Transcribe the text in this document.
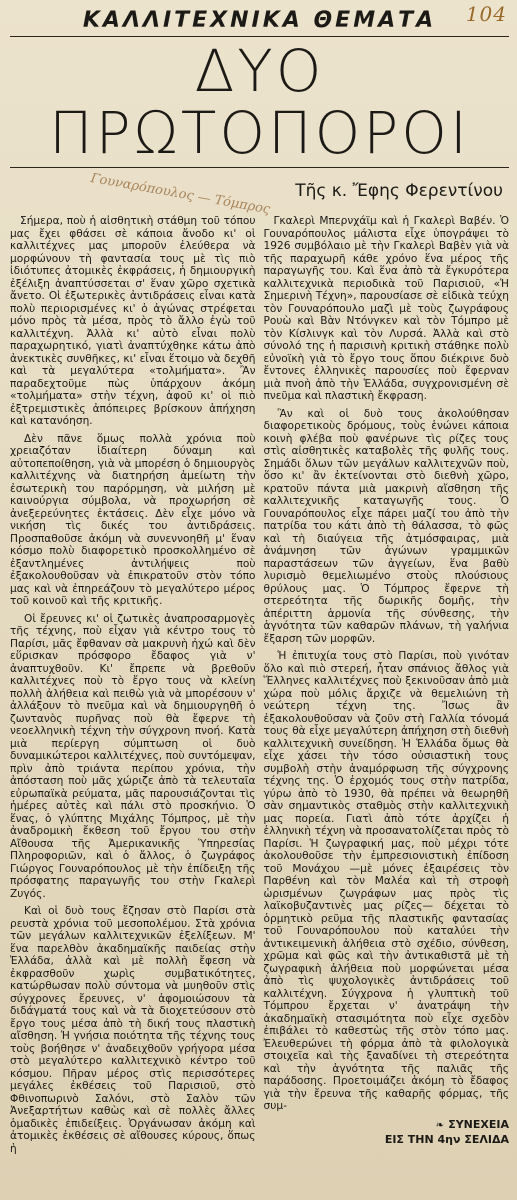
104
ΚΑΛΛΙΤΕΧΝΙΚΑ ΘΕΜΑΤΑ
ΔΥΟ ΠΡΩΤΟΠΟΡΟΙ
Γουναρόπουλος — Τόμπρος Τῆς κ. Ἔφης Φερεντίνου

Σήμερα, ποὺ ἡ αἰσθητικὴ στάθμη τοῦ τόπου μας ἔχει φθάσει σὲ κάποια ἄνοδο κι' οἱ καλλιτέχνες μας μποροῦν ἐλεύθερα νὰ μορφώνουν τὴ φαντασία τους μὲ τὶς πιὸ ἰδιότυπες ἀτομικὲς ἐκφράσεις, ἡ δημιουργικὴ ἐξέλιξη ἀναπτύσσεται σ' ἕναν χῶρο σχετικὰ ἄνετο. Οἱ ἐξωτερικὲς ἀντιδράσεις εἶναι κατὰ πολὺ περιορισμένες κι' ὁ ἀγώνας στρέφεται μόνο πρὸς τὰ μέσα, πρὸς τὸ ἄλλο ἐγὼ τοῦ καλλιτέχνη. Ἀλλὰ κι' αὐτὸ εἶναι πολὺ παραχωρητικό, γιατὶ ἀναπτύχθηκε κάτω ἀπὸ ἀνεκτικὲς συνθῆκες, κι' εἶναι ἕτοιμο νὰ δεχθῆ καὶ τὰ μεγαλύτερα «τολμήματα». Ἂν παραδεχτοῦμε πὼς ὑπάρχουν ἀκόμη «τολμήματα» στὴν τέχνη, ἀφοῦ κι' οἱ πιὸ ἐξτρεμιστικὲς ἀπόπειρες βρίσκουν ἀπήχηση καὶ κατανόηση.

Δὲν πᾶνε ὅμως πολλὰ χρόνια ποὺ χρειαζόταν ἰδιαίτερη δύναμη καὶ αὐτοπεποίθηση, γιὰ νὰ μπορέση ὁ δημιουργὸς καλλιτέχνης νὰ διατηρήση ἀμείωτη τὴν ἐσωτερικὴ του παρόρμηση, νὰ μιλήση μὲ καινούργια σύμβολα, νὰ προχωρήση σὲ ἀνεξερεύνητες ἐκτάσεις. Δὲν εἶχε μόνο νὰ νικήση τὶς δικές του ἀντιδράσεις. Προσπαθοῦσε ἀκόμη νὰ συνεννοηθῆ μ' ἕναν κόσμο πολὺ διαφορετικὸ προσκολλημένο σὲ ἐξαντλημένες ἀντιλήψεις ποὺ ἐξακολουθοῦσαν νὰ ἐπικρατοῦν στὸν τόπο μας καὶ νὰ ἐπηρεάζουν τὸ μεγαλύτερο μέρος τοῦ κοινοῦ καὶ τῆς κριτικῆς.

Οἱ ἔρευνες κι' οἱ ζωτικὲς ἀναπροσαρμογὲς τῆς τέχνης, ποὺ εἶχαν γιὰ κέντρο τους τὸ Παρίσι, μᾶς ἔφθαναν σὰ μακρυνὴ ἠχώ καὶ δὲν εὕρισκαν πρόσφορο ἔδαφος γιὰ ν' ἀναπτυχθοῦν. Κι' ἔπρεπε νὰ βρεθοῦν καλλιτέχνες ποὺ τὸ ἔργο τους νὰ κλείνη πολλὴ ἀλήθεια καὶ πειθὼ γιὰ νὰ μπορέσουν ν' ἀλλάξουν τὸ πνεῦμα καὶ νὰ δημιουργηθῆ ὁ ζωντανὸς πυρῆνας ποὺ θὰ ἔφερνε τὴ νεοελληνικὴ τέχνη τὴν σύγχρονη πνοή. Κατὰ μιὰ περίεργη σύμπτωση οἱ δυὸ δυναμικώτεροι καλλιτέχνες, ποὺ συντόμεψαν, πρὶν ἀπὸ τριάντα περίπου χρόνια, τὴν ἀπόσταση ποὺ μᾶς χώριζε ἀπὸ τὰ τελευταῖα εὐρωπαϊκὰ ρεύματα, μᾶς παρουσιάζονται τὶς ἡμέρες αὐτὲς καὶ πάλι στὸ προσκήνιο. Ὁ ἕνας, ὁ γλύπτης Μιχάλης Τόμπρος, μὲ τὴν ἀναδρομικὴ ἔκθεση τοῦ ἔργου του στὴν Αἴθουσα τῆς Ἀμερικανικῆς Ὑπηρεσίας Πληροφοριῶν, καὶ ὁ ἄλλος, ὁ ζωγράφος Γιώργος Γουναρόπουλος μὲ τὴν ἐπίδειξη τῆς πρόσφατης παραγωγῆς του στὴν Γκαλερὶ Ζυγός.

Καὶ οἱ δυὸ τους ἔζησαν στὸ Παρίσι στὰ ρευστὰ χρόνια τοῦ μεσοπολέμου. Στὰ χρόνια τῶν μεγάλων καλλιτεχνικῶν ἐξελίξεων. Μ' ἕνα παρελθὸν ἀκαδημαϊκῆς παιδείας στὴν Ἑλλάδα, ἀλλὰ καὶ μὲ πολλὴ ἔφεση νὰ ἐκφρασθοῦν χωρὶς συμβατικότητες, κατώρθωσαν πολὺ σύντομα νὰ μυηθοῦν στὶς σύγχρονες ἔρευνες, ν' ἀφομοιώσουν τὰ διδάγματά τους καὶ νὰ τὰ διοχετεύσουν στὸ ἔργο τους μέσα ἀπὸ τὴ δική τους πλαστικὴ αἴσθηση. Ἡ γνήσια ποιότητα τῆς τέχνης τους τοὺς βοήθησε ν' ἀναδειχθοῦν γρήγορα μέσα στὸ μεγαλύτερο καλλιτεχνικὸ κέντρο τοῦ κόσμου. Πῆραν μέρος στὶς περισσότερες μεγάλες ἐκθέσεις τοῦ Παρισιοῦ, στὸ Φθινοπωρινὸ Σαλόνι, στὸ Σαλὸν τῶν Ἀνεξαρτήτων καθὼς καὶ σὲ πολλὲς ἄλλες ὁμαδικὲς ἐπιδείξεις. Ὀργάνωσαν ἀκόμη καὶ ἀτομικὲς ἐκθέσεις σὲ αἴθουσες κύρους, ὅπως ἡ

Γκαλερὶ Μπερνχάϊμ καὶ ἡ Γκαλερὶ Βαβέν. Ὁ Γουναρόπουλος μάλιστα εἶχε ὑπογράψει τὸ 1926 συμβόλαιο μὲ τὴν Γκαλερὶ Βαβὲν γιὰ νὰ τῆς παραχωρῆ κάθε χρόνο ἕνα μέρος τῆς παραγωγῆς του. Καὶ ἕνα ἀπὸ τὰ ἔγκυρότερα καλλιτεχνικὰ περιοδικὰ τοῦ Παρισιοῦ, «Ἡ Σημερινὴ Τέχνη», παρουσίασε σὲ εἰδικὰ τεύχη τὸν Γουναρόπουλο μαζὶ μὲ τοὺς ζωγράφους Ρουὼ καὶ Βὰν Ντόνγκεν καὶ τὸν Τόμπρο μὲ τὸν Κίσλινγκ καὶ τὸν Λυρσά. Ἀλλὰ καὶ στὸ σύνολό της ἡ παρισινὴ κριτικὴ στάθηκε πολὺ εὐνοϊκὴ γιὰ τὸ ἔργο τους ὅπου διέκρινε δυὸ ἔντονες ἑλληνικὲς παρουσίες ποὺ ἔφερναν μιὰ πνοὴ ἀπὸ τὴν Ἑλλάδα, συγχρονισμένη σὲ πνεῦμα καὶ πλαστικὴ ἔκφραση.

Ἂν καὶ οἱ δυὸ τους ἀκολούθησαν διαφορετικοὺς δρόμους, τοὺς ἑνώνει κάποια κοινὴ φλέβα ποὺ φανέρωνε τὶς ρίζες τους στὶς αἰσθητικὲς καταβολὲς τῆς φυλῆς τους. Σημάδι ὅλων τῶν μεγάλων καλλιτεχνῶν ποὺ, ὅσο κι' ἂν ἐκτείνονται στὸ διεθνὴ χῶρο, κρατοῦν πάντα μιὰ μακρινὴ αἴσθηση τῆς καλλιτεχνικῆς καταγωγῆς τους. Ὁ Γουναρόπουλος εἶχε πάρει μαζί του ἀπὸ τὴν πατρίδα του κάτι ἀπὸ τὴ θάλασσα, τὸ φῶς καὶ τὴ διαύγεια τῆς ἀτμόσφαιρας, μιὰ ἀνάμνηση τῶν ἀγώνων γραμμικῶν παραστάσεων τῶν ἀγγείων, ἕνα βαθὺ λυρισμὸ θεμελιωμένο στοὺς πλούσιους θρύλους μας. Ὁ Τόμπρος ἔφερνε τὴ στερεότητα τῆς δωρικῆς δομῆς, τὴν ἀπέριττη ἁρμονία τῆς σύνθεσης, τὴν ἁγνότητα τῶν καθαρῶν πλάνων, τὴ γαλήνια ἔξαρση τῶν μορφῶν.

Ἡ ἐπιτυχία τους στὸ Παρίσι, ποὺ γινόταν ὅλο καὶ πιὸ στερεή, ἦταν σπάνιος ἄθλος γιὰ Ἕλληνες καλλιτέχνες ποὺ ξεκινοῦσαν ἀπὸ μιὰ χώρα ποὺ μόλις ἄρχιζε νὰ θεμελιώνη τὴ νεώτερη τέχνη της. Ἴσως ἂν ἐξακολουθοῦσαν νὰ ζοῦν στὴ Γαλλία τόνομά τους θὰ εἶχε μεγαλύτερη ἀπήχηση στὴ διεθνὴ καλλιτεχνικὴ συνείδηση. Ἡ Ἑλλάδα ὅμως θὰ εἶχε χάσει τὴν τόσο οὐσιαστικὴ τους συμβολὴ στὴν ἀναμόρφωση τῆς σύγχρονης τέχνης της. Ὁ ἐρχομός τους στὴν πατρίδα, γύρω ἀπὸ τὸ 1930, θὰ πρέπει νὰ θεωρηθῆ σὰν σημαντικὸς σταθμὸς στὴν καλλιτεχνικὴ μας πορεία. Γιατὶ ἀπὸ τότε ἀρχίζει ἡ ἑλληνικὴ τέχνη νὰ προσανατολίζεται πρὸς τὸ Παρίσι. Ἡ ζωγραφική μας, ποὺ μέχρι τότε ἀκολουθοῦσε τὴν ἐμπρεσιονιστικὴ ἐπίδοση τοῦ Μονάχου —μὲ μόνες ἐξαιρέσεις τὸν Παρθένη καὶ τὸν Μαλέα καὶ τὴ στροφὴ ὡρισμένων ζωγράφων μας πρὸς τὶς λαϊκοβυζαντινὲς μας ρίζες— δέχεται τὸ ὁρμητικὸ ρεῦμα τῆς πλαστικῆς φαντασίας τοῦ Γουναρόπουλου ποὺ καταλύει τὴν ἀντικειμενικὴ ἀλήθεια στὸ σχέδιο, σύνθεση, χρῶμα καὶ φῶς καὶ τὴν ἀντικαθιστᾶ μὲ τὴ ζωγραφικὴ ἀλήθεια ποὺ μορφώνεται μέσα ἀπὸ τὶς ψυχολογικὲς ἀντιδράσεις τοῦ καλλιτέχνη. Σύγχρονα ἡ γλυπτικὴ τοῦ Τόμπρου ἔρχεται ν' ἀνατράψη τὴν ἀκαδημαϊκὴ στασιμότητα ποὺ εἶχε σχεδὸν ἐπιβάλει τὸ καθεστὼς τῆς στὸν τόπο μας. Ἐλευθερώνει τὴ φόρμα ἀπὸ τὰ φιλολογικὰ στοιχεῖα καὶ τὴς ξαναδίνει τὴ στερεότητα καὶ τὴν ἁγνότητα τῆς παλιᾶς τῆς παράδοσης. Προετοιμάζει ἀκόμη τὸ ἔδαφος γιὰ τὴν ἔρευνα τῆς καθαρῆς φόρμας, τῆς συμ-

❧ ΣΥΝΕΧΕΙΑ
ΕΙΣ ΤΗΝ 4ην ΣΕΛΙΔΑ
